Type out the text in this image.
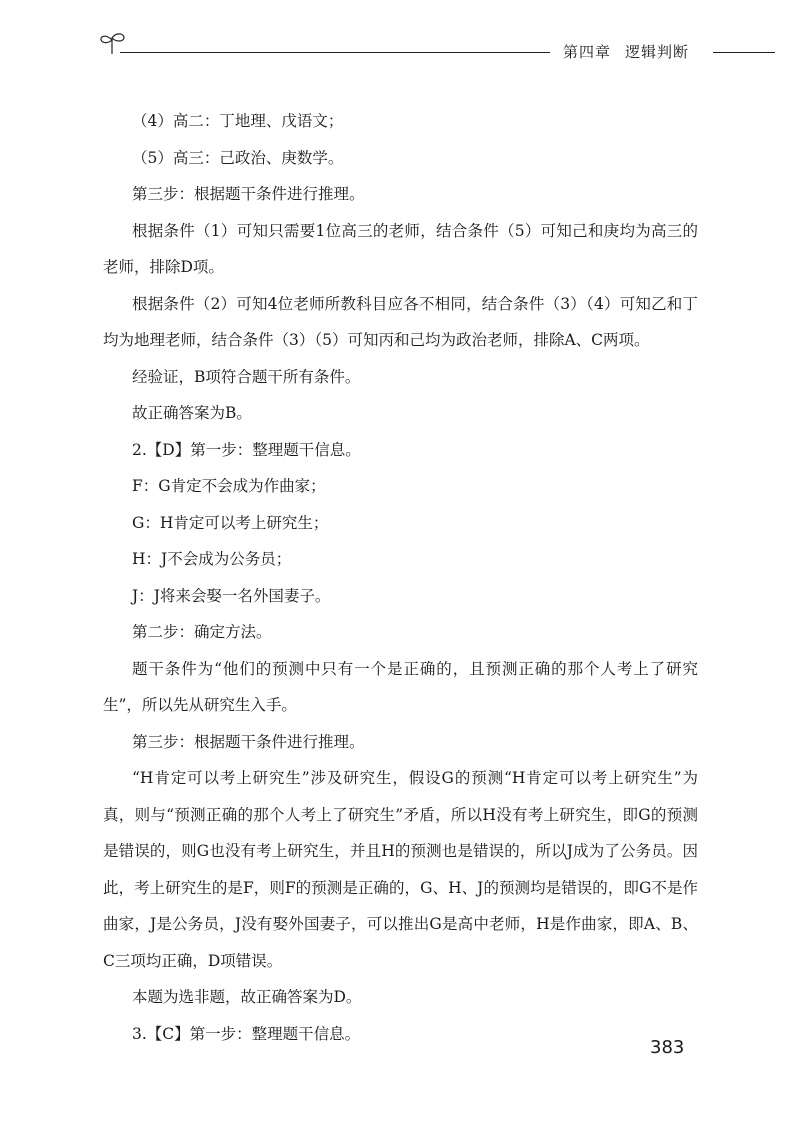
第四章 逻辑判断

（4）高二：丁地理、戊语文；

（5）高三：己政治、庚数学。

第三步：根据题干条件进行推理。

根据条件（1）可知只需要1位高三的老师，结合条件（5）可知己和庚均为高三的老师，排除D项。

根据条件（2）可知4位老师所教科目应各不相同，结合条件（3）（4）可知乙和丁均为地理老师，结合条件（3）（5）可知丙和己均为政治老师，排除A、C两项。

经验证，B项符合题干所有条件。

故正确答案为B。

2.【D】第一步：整理题干信息。

F：G肯定不会成为作曲家；

G：H肯定可以考上研究生；

H：J不会成为公务员；

J：J将来会娶一名外国妻子。

第二步：确定方法。

题干条件为“他们的预测中只有一个是正确的，且预测正确的那个人考上了研究生”，所以先从研究生入手。

第三步：根据题干条件进行推理。

“H肯定可以考上研究生”涉及研究生，假设G的预测“H肯定可以考上研究生”为真，则与“预测正确的那个人考上了研究生”矛盾，所以H没有考上研究生，即G的预测是错误的，则G也没有考上研究生，并且H的预测也是错误的，所以J成为了公务员。因此，考上研究生的是F，则F的预测是正确的，G、H、J的预测均是错误的，即G不是作曲家，J是公务员，J没有娶外国妻子，可以推出G是高中老师，H是作曲家，即A、B、C三项均正确，D项错误。

本题为选非题，故正确答案为D。

3.【C】第一步：整理题干信息。

383
